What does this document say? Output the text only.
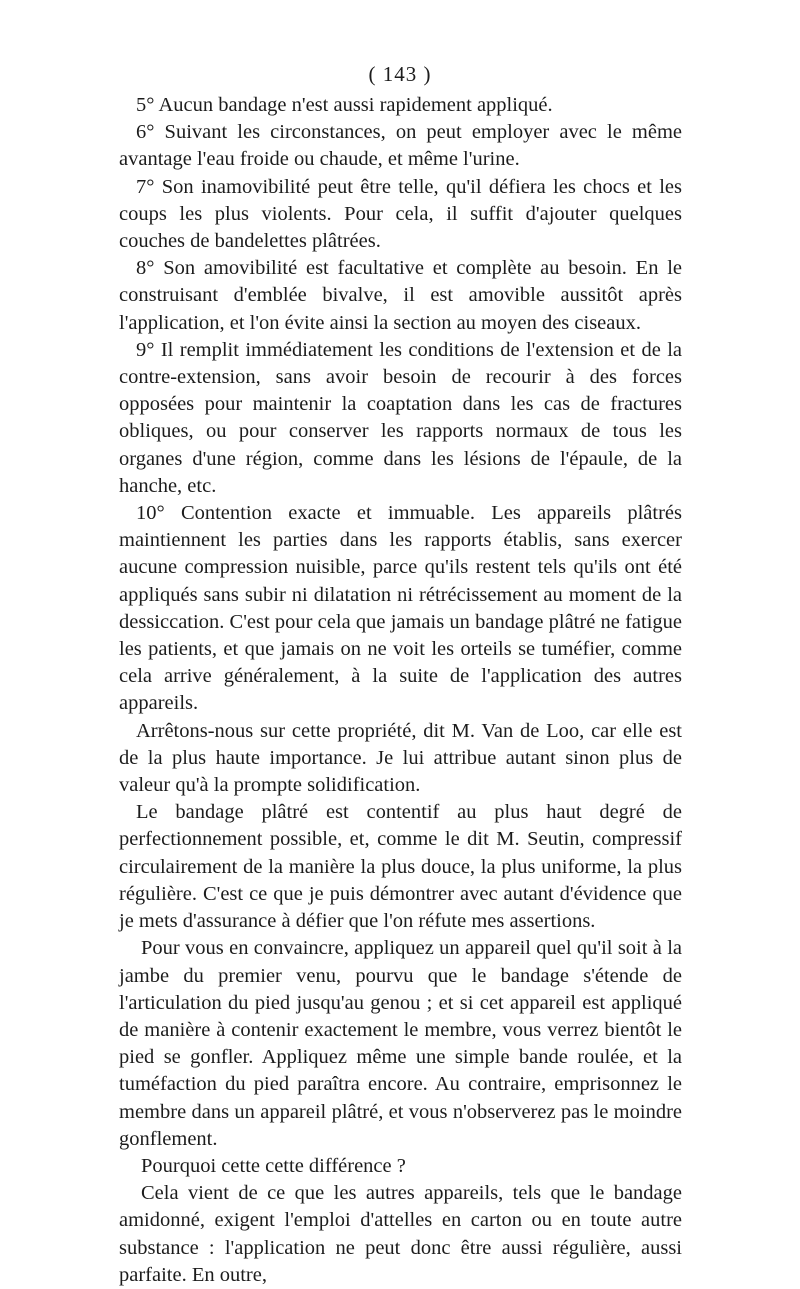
( 143 )

5° Aucun bandage n'est aussi rapidement appliqué.

6° Suivant les circonstances, on peut employer avec le même avantage l'eau froide ou chaude, et même l'urine.

7° Son inamovibilité peut être telle, qu'il défiera les chocs et les coups les plus violents. Pour cela, il suffit d'ajouter quelques couches de bandelettes plâtrées.

8° Son amovibilité est facultative et complète au besoin. En le construisant d'emblée bivalve, il est amovible aussitôt après l'application, et l'on évite ainsi la section au moyen des ciseaux.

9° Il remplit immédiatement les conditions de l'extension et de la contre-extension, sans avoir besoin de recourir à des forces opposées pour maintenir la coaptation dans les cas de fractures obliques, ou pour conserver les rapports normaux de tous les organes d'une région, comme dans les lésions de l'épaule, de la hanche, etc.

10° Contention exacte et immuable. Les appareils plâtrés maintiennent les parties dans les rapports établis, sans exercer aucune compression nuisible, parce qu'ils restent tels qu'ils ont été appliqués sans subir ni dilatation ni rétrécissement au moment de la dessiccation. C'est pour cela que jamais un bandage plâtré ne fatigue les patients, et que jamais on ne voit les orteils se tuméfier, comme cela arrive généralement, à la suite de l'application des autres appareils.

Arrêtons-nous sur cette propriété, dit M. Van de Loo, car elle est de la plus haute importance. Je lui attribue autant sinon plus de valeur qu'à la prompte solidification.

Le bandage plâtré est contentif au plus haut degré de perfectionnement possible, et, comme le dit M. Seutin, compressif circulairement de la manière la plus douce, la plus uniforme, la plus régulière. C'est ce que je puis démontrer avec autant d'évidence que je mets d'assurance à défier que l'on réfute mes assertions.

Pour vous en convaincre, appliquez un appareil quel qu'il soit à la jambe du premier venu, pourvu que le bandage s'étende de l'articulation du pied jusqu'au genou ; et si cet appareil est appliqué de manière à contenir exactement le membre, vous verrez bientôt le pied se gonfler. Appliquez même une simple bande roulée, et la tuméfaction du pied paraîtra encore. Au contraire, emprisonnez le membre dans un appareil plâtré, et vous n'observerez pas le moindre gonflement.

Pourquoi cette cette différence ?

Cela vient de ce que les autres appareils, tels que le bandage amidonné, exigent l'emploi d'attelles en carton ou en toute autre substance : l'application ne peut donc être aussi régulière, aussi parfaite. En outre,
